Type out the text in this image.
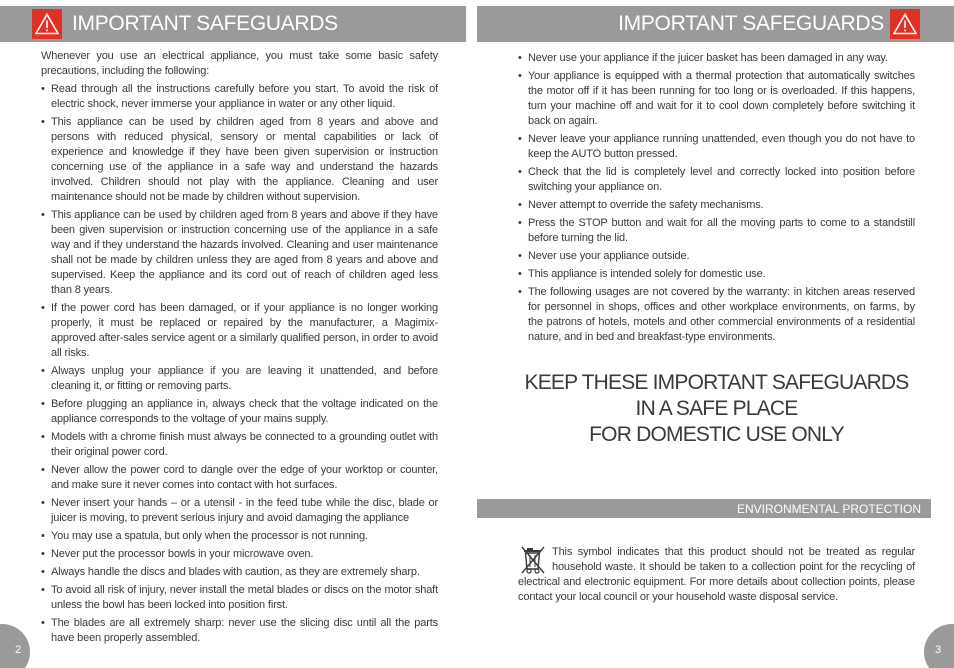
IMPORTANT SAFEGUARDS

Whenever you use an electrical appliance, you must take some basic safety precautions, including the following:

• Read through all the instructions carefully before you start. To avoid the risk of electric shock, never immerse your appliance in water or any other liquid.
• This appliance can be used by children aged from 8 years and above and persons with reduced physical, sensory or mental capabilities or lack of experience and knowledge if they have been given supervision or instruction concerning use of the appliance in a safe way and understand the hazards involved. Children should not play with the appliance. Cleaning and user maintenance should not be made by children without supervision.
• This appliance can be used by children aged from 8 years and above if they have been given supervision or instruction concerning use of the appliance in a safe way and if they understand the hazards involved. Cleaning and user maintenance shall not be made by children unless they are aged from 8 years and above and supervised. Keep the appliance and its cord out of reach of children aged less than 8 years.
• If the power cord has been damaged, or if your appliance is no longer working properly, it must be replaced or repaired by the manufacturer, a Magimix-approved after-sales service agent or a similarly qualified person, in order to avoid all risks.
• Always unplug your appliance if you are leaving it unattended, and before cleaning it, or fitting or removing parts.
• Before plugging an appliance in, always check that the voltage indicated on the appliance corresponds to the voltage of your mains supply.
• Models with a chrome finish must always be connected to a grounding outlet with their original power cord.
• Never allow the power cord to dangle over the edge of your worktop or counter, and make sure it never comes into contact with hot surfaces.
• Never insert your hands – or a utensil - in the feed tube while the disc, blade or juicer is moving, to prevent serious injury and avoid damaging the appliance
• You may use a spatula, but only when the processor is not running.
• Never put the processor bowls in your microwave oven.
• Always handle the discs and blades with caution, as they are extremely sharp.
• To avoid all risk of injury, never install the metal blades or discs on the motor shaft unless the bowl has been locked into position first.
• The blades are all extremely sharp: never use the slicing disc until all the parts have been properly assembled.
2
IMPORTANT SAFEGUARDS
• Never use your appliance if the juicer basket has been damaged in any way.
• Your appliance is equipped with a thermal protection that automatically switches the motor off if it has been running for too long or is overloaded. If this happens, turn your machine off and wait for it to cool down completely before switching it back on again.
• Never leave your appliance running unattended, even though you do not have to keep the AUTO button pressed.
• Check that the lid is completely level and correctly locked into position before switching your appliance on.
• Never attempt to override the safety mechanisms.
• Press the STOP button and wait for all the moving parts to come to a standstill before turning the lid.
• Never use your appliance outside.
• This appliance is intended solely for domestic use.
• The following usages are not covered by the warranty: in kitchen areas reserved for personnel in shops, offices and other workplace environments, on farms, by the patrons of hotels, motels and other commercial environments of a residential nature, and in bed and breakfast-type environments.
KEEP THESE IMPORTANT SAFEGUARDS
IN A SAFE PLACE
FOR DOMESTIC USE ONLY
ENVIRONMENTAL PROTECTION
This symbol indicates that this product should not be treated as regular household waste. It should be taken to a collection point for the recycling of electrical and electronic equipment. For more details about collection points, please contact your local council or your household waste disposal service.
3
